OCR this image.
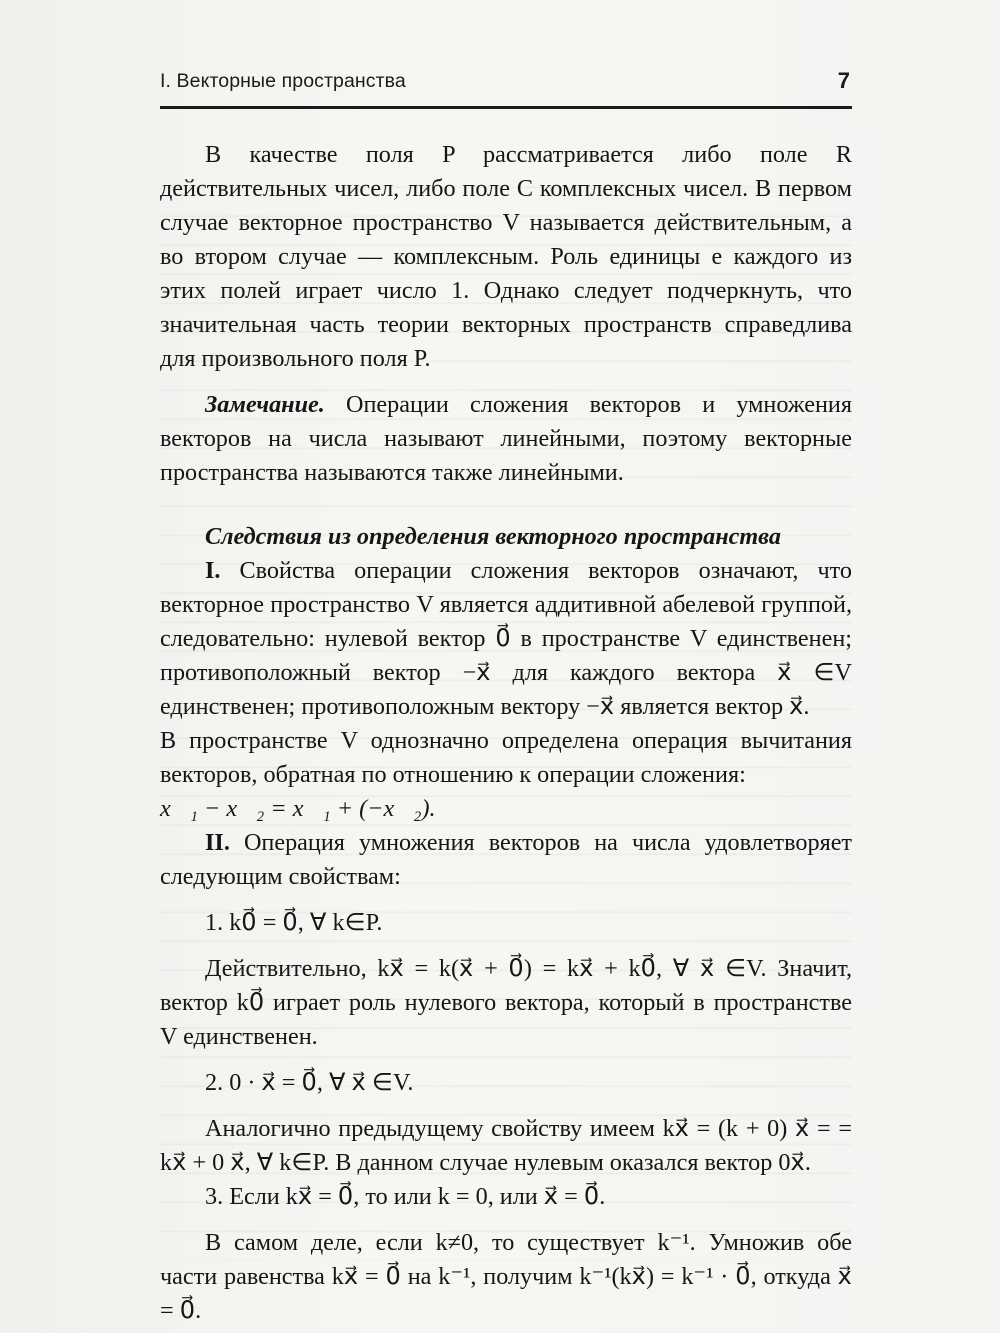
I. Векторные пространства	7

В качестве поля P рассматривается либо поле R действительных чисел, либо поле C комплексных чисел. В первом случае векторное пространство V называется действительным, а во втором случае — комплексным. Роль единицы e каждого из этих полей играет число 1. Однако следует подчеркнуть, что значительная часть теории векторных пространств справедлива для произвольного поля P.

Замечание. Операции сложения векторов и умножения векторов на числа называют линейными, поэтому векторные пространства называются также линейными.

Следствия из определения векторного пространства

I. Свойства операции сложения векторов означают, что векторное пространство V является аддитивной абелевой группой, следовательно: нулевой вектор 0⃗ в пространстве V единственен; противоположный вектор −x⃗ для каждого вектора x⃗ ∈V единственен; противоположным вектору −x⃗ является вектор x⃗.

В пространстве V однозначно определена операция вычитания векторов, обратная по отношению к операции сложения:

x⃗₁ − x⃗₂ = x⃗₁ + (−x⃗₂).

II. Операция умножения векторов на числа удовлетворяет следующим свойствам:

1. k0⃗ = 0⃗, ∀ k∈P.

Действительно, kx⃗ = k(x⃗ + 0⃗) = kx⃗ + k0⃗, ∀ x⃗ ∈V. Значит, вектор k0⃗ играет роль нулевого вектора, который в пространстве V единственен.

2. 0 · x⃗ = 0⃗, ∀ x⃗ ∈V.

Аналогично предыдущему свойству имеем kx⃗ = (k + 0) x⃗ = = kx⃗ + 0 x⃗, ∀ k∈P. В данном случае нулевым оказался вектор 0x⃗.

3. Если kx⃗ = 0⃗, то или k = 0, или x⃗ = 0⃗.

В самом деле, если k≠0, то существует k⁻¹. Умножив обе части равенства kx⃗ = 0⃗ на k⁻¹, получим k⁻¹(kx⃗) = k⁻¹ · 0⃗, откуда x⃗ = 0⃗.
